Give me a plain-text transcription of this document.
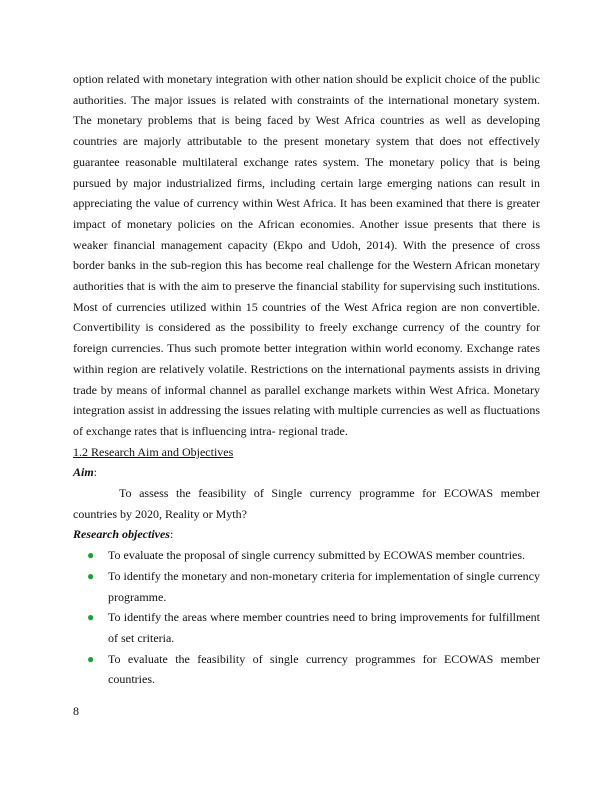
option related with monetary integration with other nation should be explicit choice of the public authorities. The major issues is related with constraints of the international monetary system. The monetary problems that is being faced by West Africa countries as well as developing countries are majorly attributable to the present monetary system that does not effectively guarantee reasonable multilateral exchange rates system. The monetary policy that is being pursued by major industrialized firms, including certain large emerging nations can result in appreciating the value of currency within West Africa. It has been examined that there is greater impact of monetary policies on the African economies. Another issue presents that there is weaker financial management capacity (Ekpo and Udoh, 2014). With the presence of cross border banks in the sub-region this has become real challenge for the Western African monetary authorities that is with the aim to preserve the financial stability for supervising such institutions. Most of currencies utilized within 15 countries of the West Africa region are non convertible. Convertibility is considered as the possibility to freely exchange currency of the country for foreign currencies. Thus such promote better integration within world economy. Exchange rates within region are relatively volatile. Restrictions on the international payments assists in driving trade by means of informal channel as parallel exchange markets within West Africa. Monetary integration assist in addressing the issues relating with multiple currencies as well as fluctuations of exchange rates that is influencing intra- regional trade.

1.2 Research Aim and Objectives

Aim:

To assess the feasibility of Single currency programme for ECOWAS member countries by 2020, Reality or Myth?

Research objectives:

● To evaluate the proposal of single currency submitted by ECOWAS member countries.
● To identify the monetary and non-monetary criteria for implementation of single currency programme.
● To identify the areas where member countries need to bring improvements for fulfillment of set criteria.
● To evaluate the feasibility of single currency programmes for ECOWAS member countries.
8
